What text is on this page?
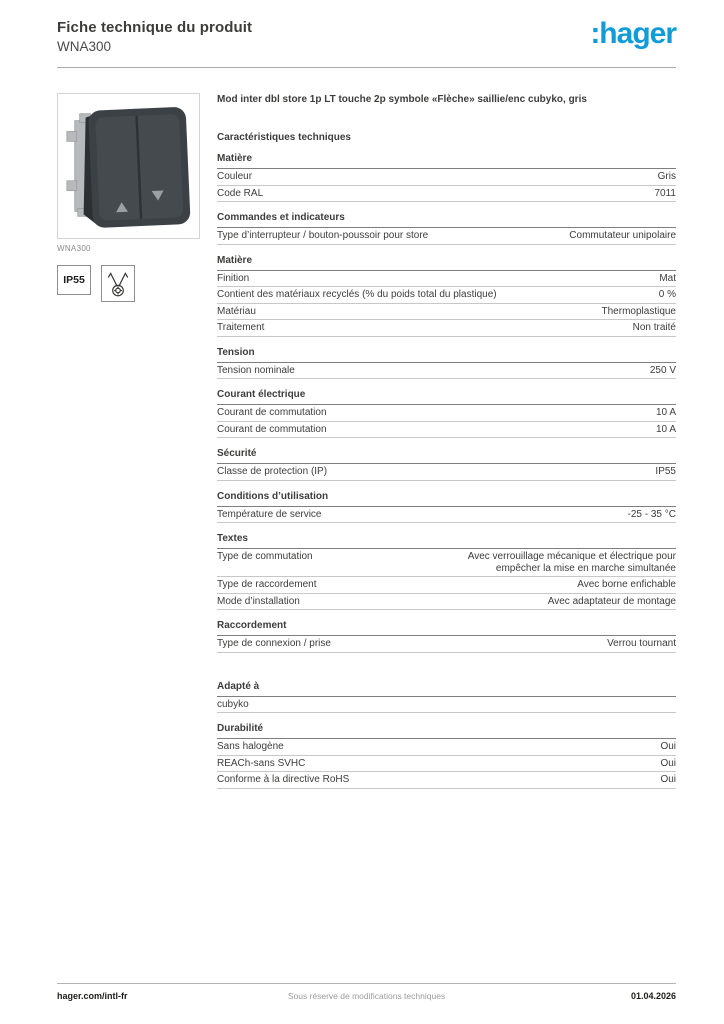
Fiche technique du produit
WNA300	:hager
WNA300
IP55
Mod inter dbl store 1p LT touche 2p symbole «Flèche» saillie/enc cubyko, gris
Caractéristiques techniques
Matière
Couleur	Gris
Code RAL	7011
Commandes et indicateurs
Type d’interrupteur / bouton-poussoir pour store	Commutateur unipolaire
Matière
Finition	Mat
Contient des matériaux recyclés (% du poids total du plastique)	0 %
Matériau	Thermoplastique
Traitement	Non traité
Tension
Tension nominale	250 V
Courant électrique
Courant de commutation	10 A
Courant de commutation	10 A
Sécurité
Classe de protection (IP)	IP55
Conditions d’utilisation
Température de service	-25 - 35 °C
Textes
Type de commutation	Avec verrouillage mécanique et électrique pour empêcher la mise en marche simultanée
Type de raccordement	Avec borne enfichable
Mode d’installation	Avec adaptateur de montage
Raccordement
Type de connexion / prise	Verrou tournant
Adapté à
cubyko
Durabilité
Sans halogène	Oui
REACh-sans SVHC	Oui
Conforme à la directive RoHS	Oui
hager.com/intl-fr	Sous réserve de modifications techniques	01.04.2026
